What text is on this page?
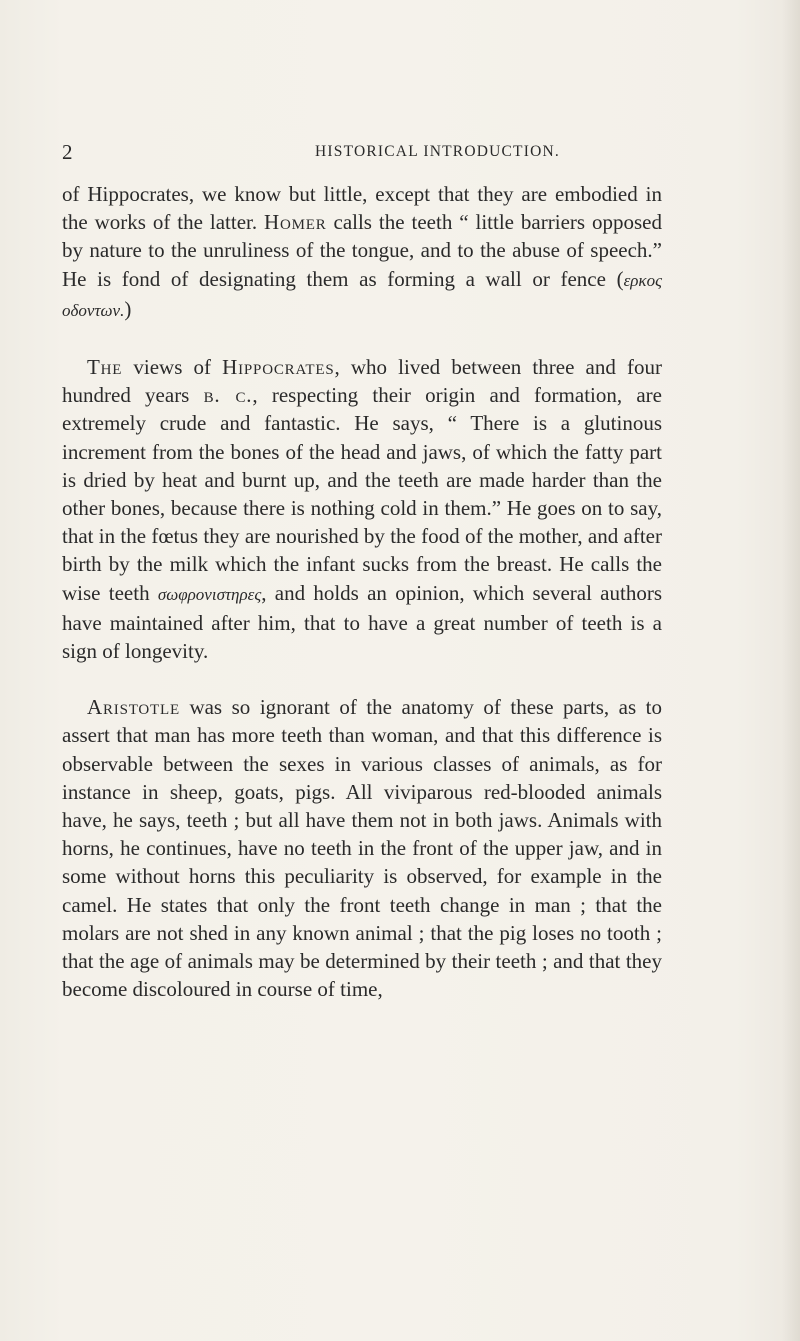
2	HISTORICAL INTRODUCTION.

of Hippocrates, we know but little, except that they are embodied in the works of the latter. Homer calls the teeth “ little barriers opposed by nature to the unruliness of the tongue, and to the abuse of speech.” He is fond of designating them as forming a wall or fence (ερκος οδοντων.)

The views of Hippocrates, who lived between three and four hundred years b. c., respecting their origin and formation, are extremely crude and fantastic. He says, “ There is a glutinous increment from the bones of the head and jaws, of which the fatty part is dried by heat and burnt up, and the teeth are made harder than the other bones, because there is nothing cold in them.” He goes on to say, that in the fœtus they are nourished by the food of the mother, and after birth by the milk which the infant sucks from the breast. He calls the wise teeth σωφρονιστηρες, and holds an opinion, which several authors have maintained after him, that to have a great number of teeth is a sign of longevity.

Aristotle was so ignorant of the anatomy of these parts, as to assert that man has more teeth than woman, and that this difference is observable between the sexes in various classes of animals, as for instance in sheep, goats, pigs. All viviparous red-blooded animals have, he says, teeth ; but all have them not in both jaws. Animals with horns, he continues, have no teeth in the front of the upper jaw, and in some without horns this peculiarity is observed, for example in the camel. He states that only the front teeth change in man ; that the molars are not shed in any known animal ; that the pig loses no tooth ; that the age of animals may be determined by their teeth ; and that they become discoloured in course of time,
